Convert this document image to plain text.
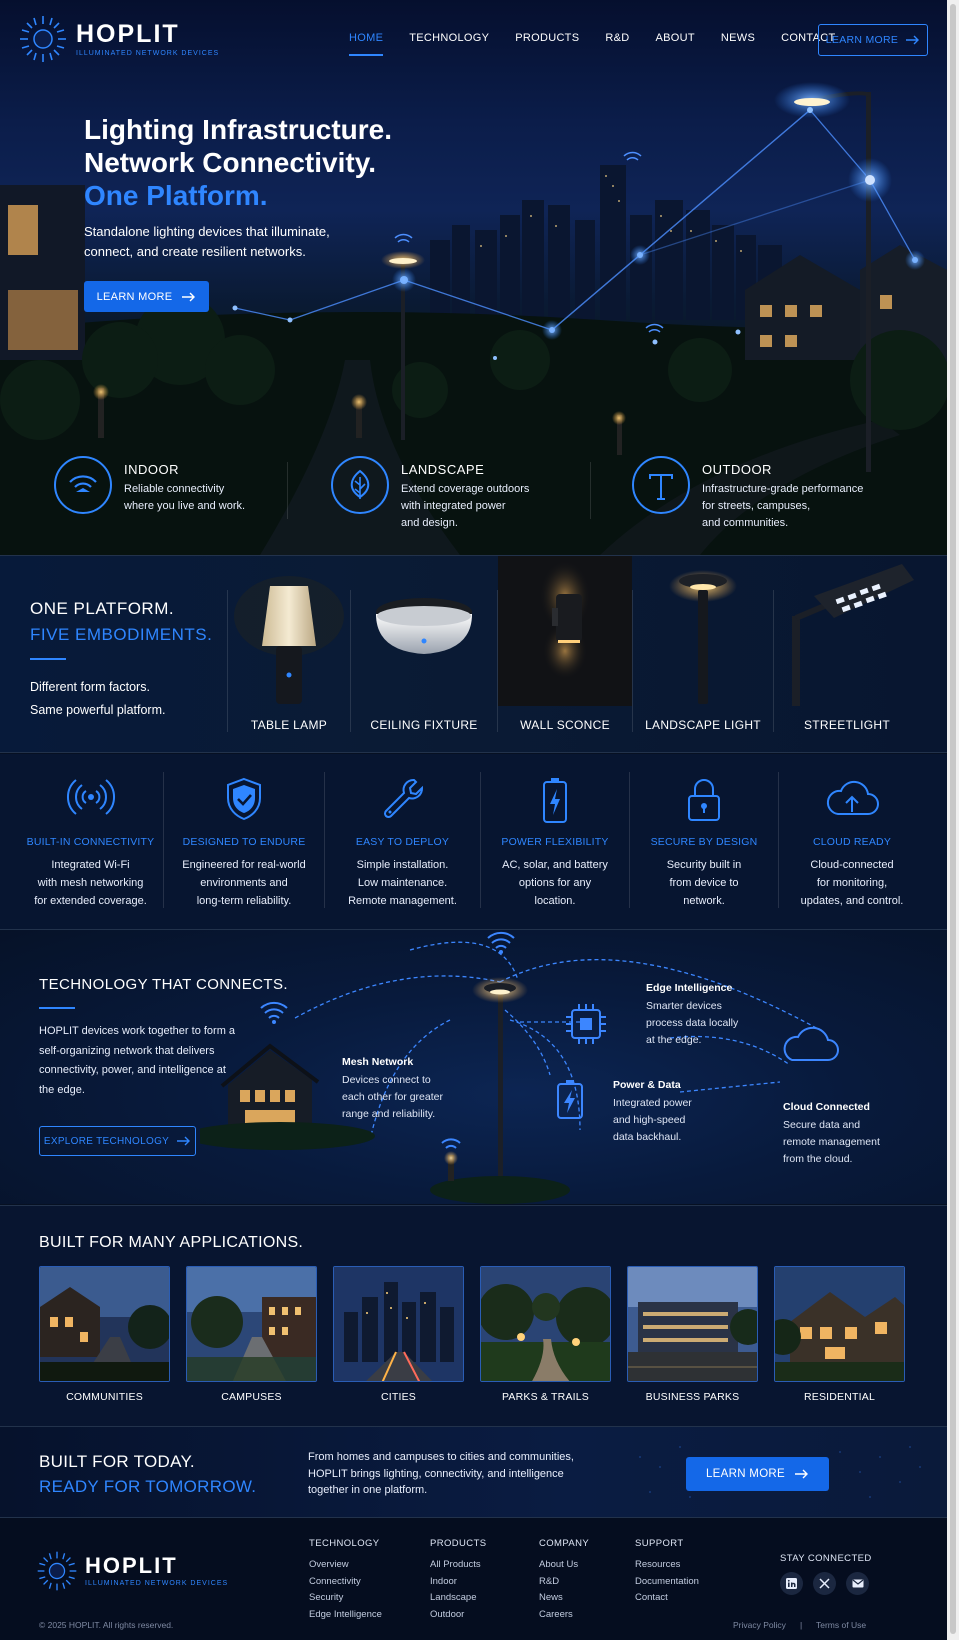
HOPLIT
ILLUMINATED NETWORK DEVICES
HOME TECHNOLOGY PRODUCTS R&D ABOUT NEWS CONTACT
LEARN MORE
Lighting Infrastructure.
Network Connectivity.
One Platform.

Standalone lighting devices that illuminate, connect, and create resilient networks.

LEARN MORE
INDOOR

Reliable connectivity
where you live and work.

LANDSCAPE

Extend coverage outdoors
with integrated power
and design.

OUTDOOR

Infrastructure-grade performance
for streets, campuses,
and communities.

ONE PLATFORM.
FIVE EMBODIMENTS.
Different form factors.
Same powerful platform.
TABLE LAMP	CEILING FIXTURE	WALL SCONCE	LANDSCAPE LIGHT	STREETLIGHT
BUILT-IN CONNECTIVITY

Integrated Wi-Fi
with mesh networking
for extended coverage.

DESIGNED TO ENDURE

Engineered for real-world
environments and
long-term reliability.

EASY TO DEPLOY

Simple installation.
Low maintenance.
Remote management.

POWER FLEXIBILITY

AC, solar, and battery
options for any
location.

SECURE BY DESIGN

Security built in
from device to
network.

CLOUD READY

Cloud-connected
for monitoring,
updates, and control.

TECHNOLOGY THAT CONNECTS.

HOPLIT devices work together to form a self-organizing network that delivers connectivity, power, and intelligence at the edge.

EXPLORE TECHNOLOGY
Mesh Network

Devices connect to
each other for greater
range and reliability.

Edge Intelligence

Smarter devices
process data locally
at the edge.

Power & Data

Integrated power
and high-speed
data backhaul.

Cloud Connected

Secure data and
remote management
from the cloud.

BUILT FOR MANY APPLICATIONS.
COMMUNITIES	CAMPUSES	CITIES	PARKS & TRAILS	BUSINESS PARKS	RESIDENTIAL
BUILT FOR TODAY.
READY FOR TOMORROW.

From homes and campuses to cities and communities, HOPLIT brings lighting, connectivity, and intelligence together in one platform.

LEARN MORE
HOPLIT
ILLUMINATED NETWORK DEVICES
TECHNOLOGY
Overview
Connectivity
Security
Edge Intelligence
PRODUCTS
All Products
Indoor
Landscape
Outdoor
COMPANY
About Us
R&D
News
Careers
SUPPORT
Resources
Documentation
Contact
STAY CONNECTED
© 2025 HOPLIT. All rights reserved.	Privacy Policy | Terms of Use
